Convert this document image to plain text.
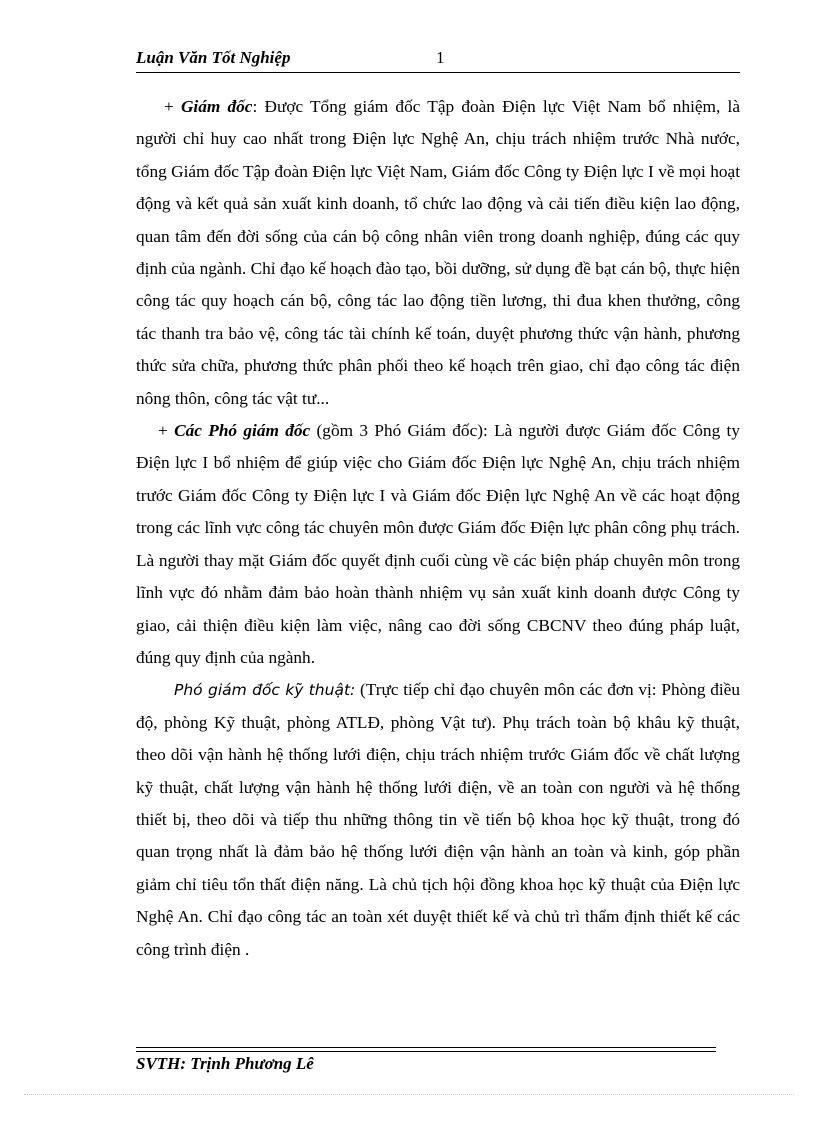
Luận Văn Tốt Nghiệp	1

+ Giám đốc: Được Tổng giám đốc Tập đoàn Điện lực Việt Nam bổ nhiệm, là người chỉ huy cao nhất trong Điện lực Nghệ An, chịu trách nhiệm trước Nhà nước, tổng Giám đốc Tập đoàn Điện lực Việt Nam, Giám đốc Công ty Điện lực I về mọi hoạt động và kết quả sản xuất kinh doanh, tổ chức lao động và cải tiến điều kiện lao động, quan tâm đến đời sống của cán bộ công nhân viên trong doanh nghiệp, đúng các quy định của ngành. Chỉ đạo kế hoạch đào tạo, bồi dưỡng, sử dụng đề bạt cán bộ, thực hiện công tác quy hoạch cán bộ, công tác lao động tiền lương, thi đua khen thưởng, công tác thanh tra bảo vệ, công tác tài chính kế toán, duyệt phương thức vận hành, phương thức sửa chữa, phương thức phân phối theo kế hoạch trên giao, chỉ đạo công tác điện nông thôn, công tác vật tư...

+ Các Phó giám đốc (gồm 3 Phó Giám đốc): Là người được Giám đốc Công ty Điện lực I bổ nhiệm để giúp việc cho Giám đốc Điện lực Nghệ An, chịu trách nhiệm trước Giám đốc Công ty Điện lực I và Giám đốc Điện lực Nghệ An về các hoạt động trong các lĩnh vực công tác chuyên môn được Giám đốc Điện lực phân công phụ trách. Là người thay mặt Giám đốc quyết định cuối cùng về các biện pháp chuyên môn trong lĩnh vực đó nhằm đảm bảo hoàn thành nhiệm vụ sản xuất kinh doanh được Công ty giao, cải thiện điều kiện làm việc, nâng cao đời sống CBCNV theo đúng pháp luật, đúng quy định của ngành.

Phó giám đốc kỹ thuật: (Trực tiếp chỉ đạo chuyên môn các đơn vị: Phòng điều độ, phòng Kỹ thuật, phòng ATLĐ, phòng Vật tư). Phụ trách toàn bộ khâu kỹ thuật, theo dõi vận hành hệ thống lưới điện, chịu trách nhiệm trước Giám đốc về chất lượng kỹ thuật, chất lượng vận hành hệ thống lưới điện, về an toàn con người và hệ thống thiết bị, theo dõi và tiếp thu những thông tin về tiến bộ khoa học kỹ thuật, trong đó quan trọng nhất là đảm bảo hệ thống lưới điện vận hành an toàn và kinh, góp phần giảm chỉ tiêu tổn thất điện năng. Là chủ tịch hội đồng khoa học kỹ thuật của Điện lực Nghệ An. Chỉ đạo công tác an toàn xét duyệt thiết kế và chủ trì thẩm định thiết kế các công trình điện .

SVTH: Trịnh Phương Lê
